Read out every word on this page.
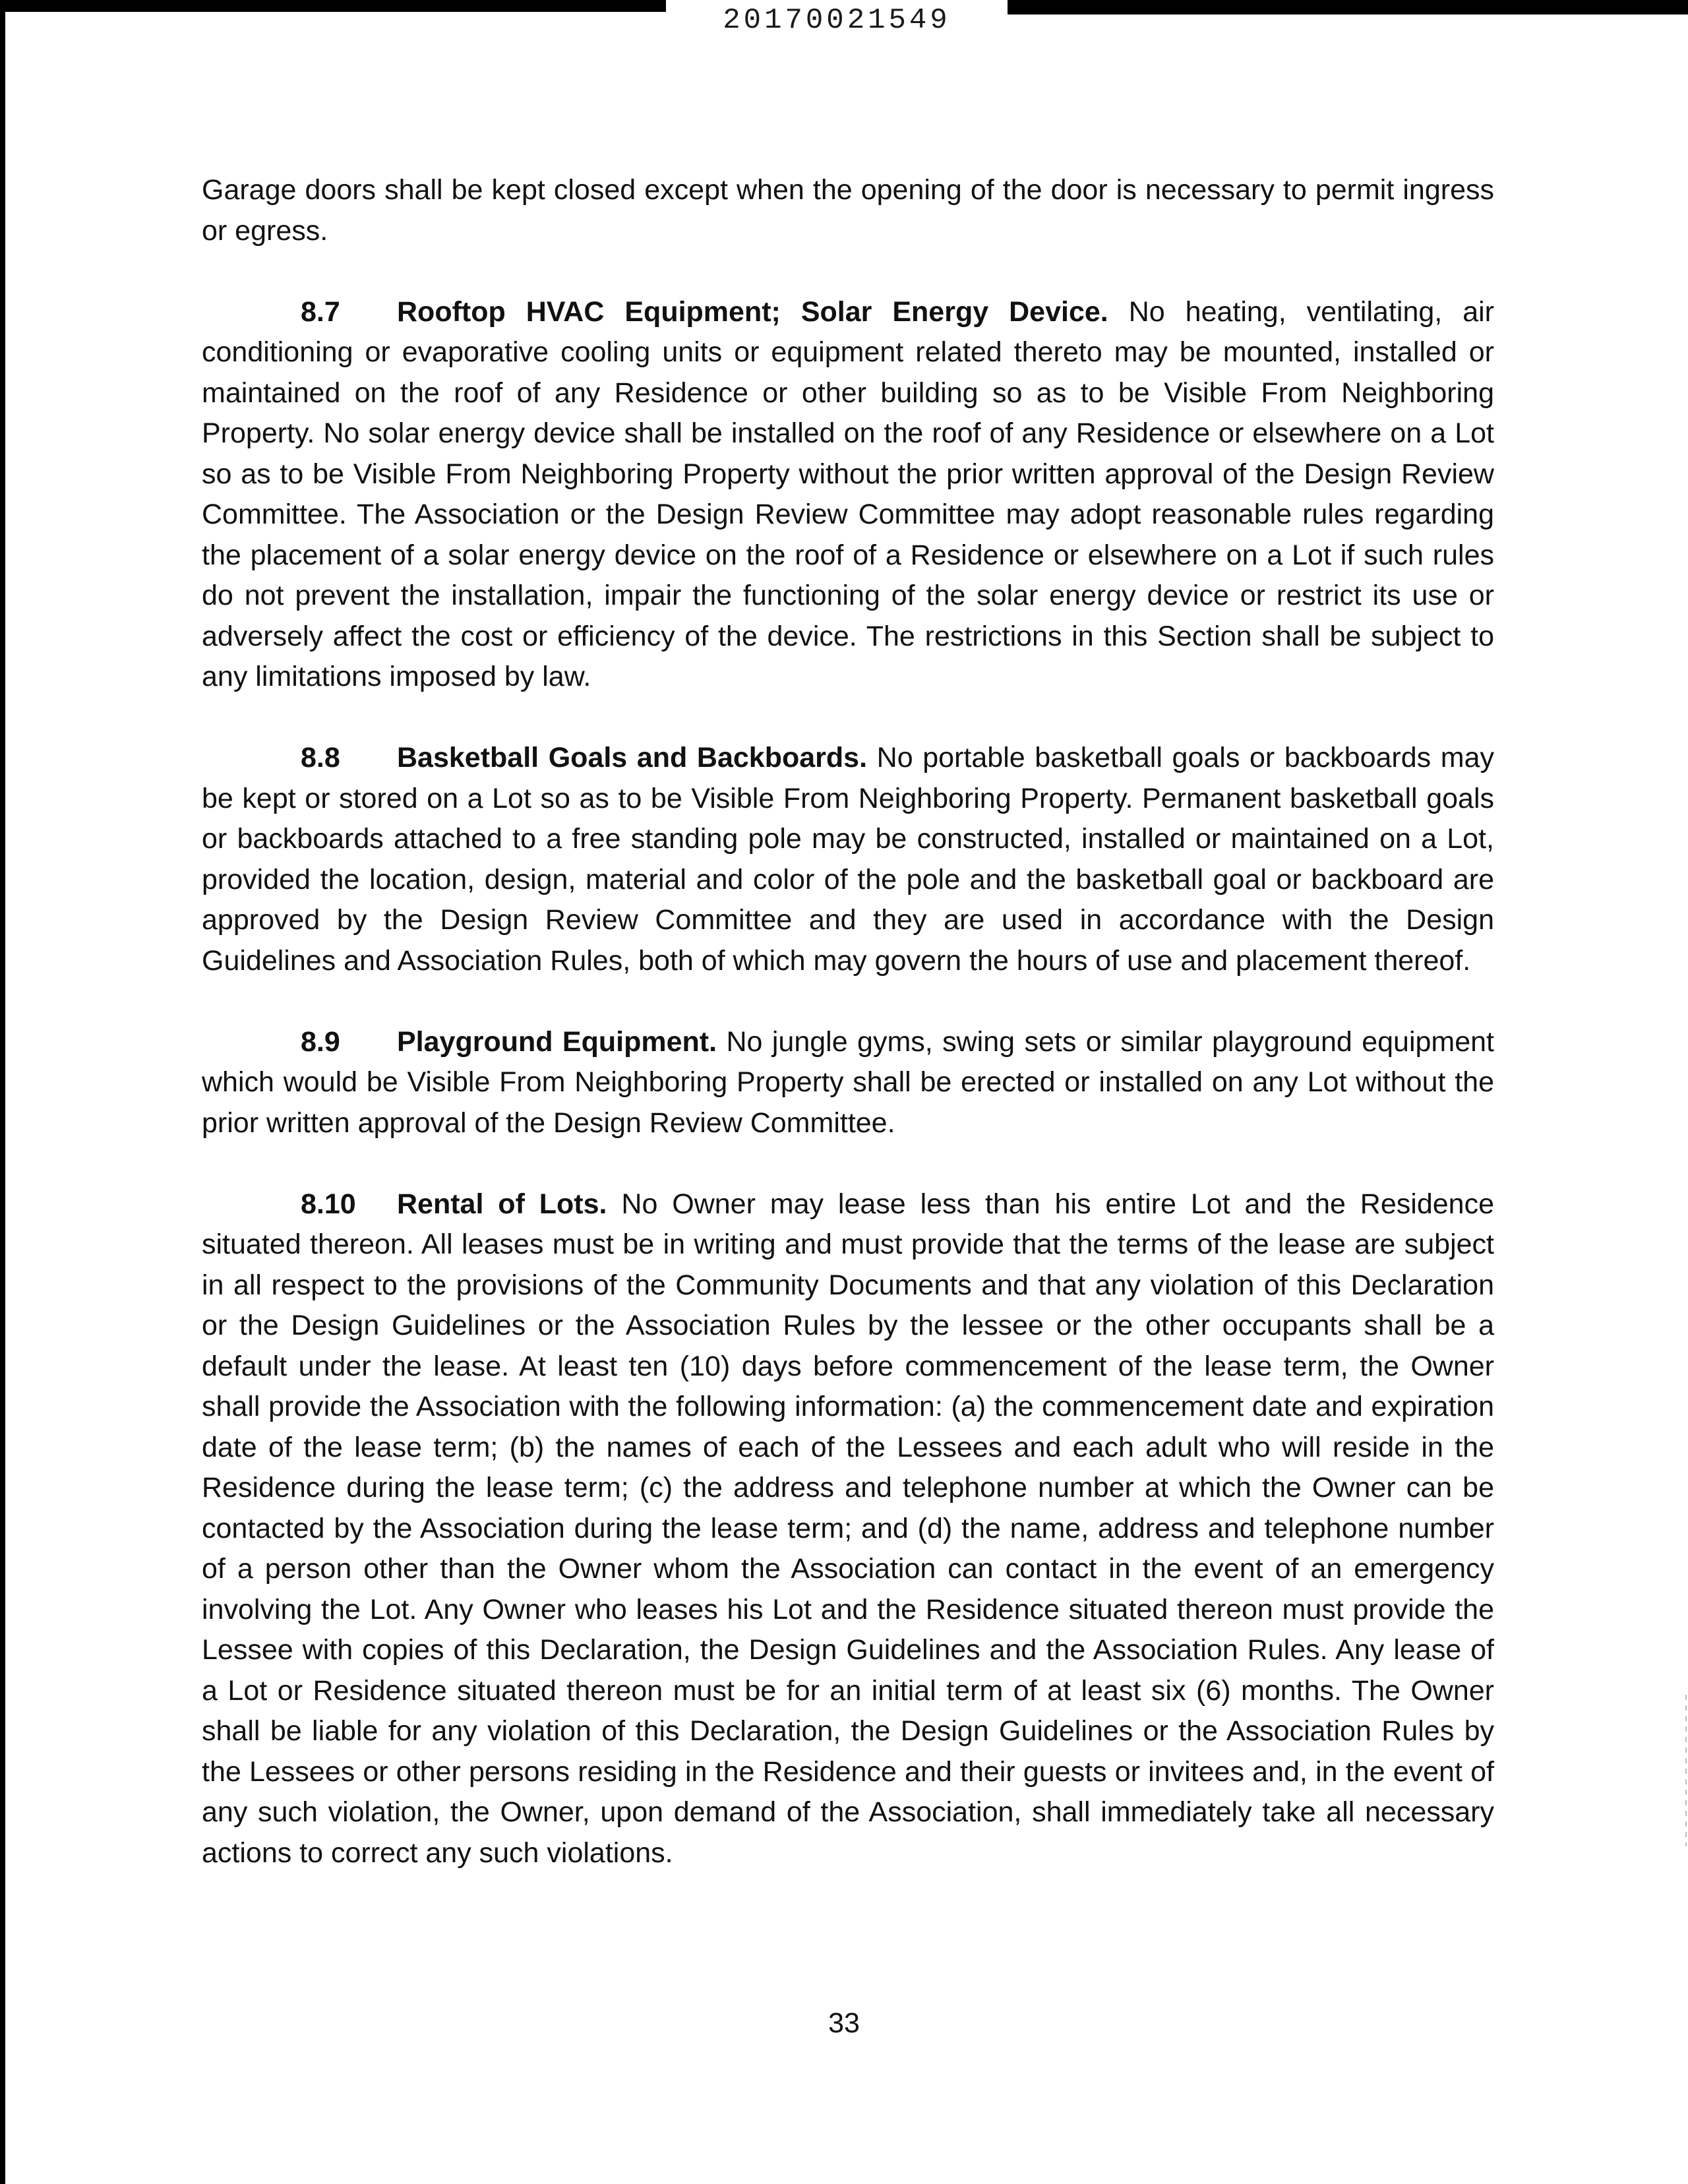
20170021549

Garage doors shall be kept closed except when the opening of the door is necessary to permit ingress or egress.

8.7 Rooftop HVAC Equipment; Solar Energy Device. No heating, ventilating, air conditioning or evaporative cooling units or equipment related thereto may be mounted, installed or maintained on the roof of any Residence or other building so as to be Visible From Neighboring Property. No solar energy device shall be installed on the roof of any Residence or elsewhere on a Lot so as to be Visible From Neighboring Property without the prior written approval of the Design Review Committee. The Association or the Design Review Committee may adopt reasonable rules regarding the placement of a solar energy device on the roof of a Residence or elsewhere on a Lot if such rules do not prevent the installation, impair the functioning of the solar energy device or restrict its use or adversely affect the cost or efficiency of the device. The restrictions in this Section shall be subject to any limitations imposed by law.

8.8 Basketball Goals and Backboards. No portable basketball goals or backboards may be kept or stored on a Lot so as to be Visible From Neighboring Property. Permanent basketball goals or backboards attached to a free standing pole may be constructed, installed or maintained on a Lot, provided the location, design, material and color of the pole and the basketball goal or backboard are approved by the Design Review Committee and they are used in accordance with the Design Guidelines and Association Rules, both of which may govern the hours of use and placement thereof.

8.9 Playground Equipment. No jungle gyms, swing sets or similar playground equipment which would be Visible From Neighboring Property shall be erected or installed on any Lot without the prior written approval of the Design Review Committee.

8.10 Rental of Lots. No Owner may lease less than his entire Lot and the Residence situated thereon. All leases must be in writing and must provide that the terms of the lease are subject in all respect to the provisions of the Community Documents and that any violation of this Declaration or the Design Guidelines or the Association Rules by the lessee or the other occupants shall be a default under the lease. At least ten (10) days before commencement of the lease term, the Owner shall provide the Association with the following information: (a) the commencement date and expiration date of the lease term; (b) the names of each of the Lessees and each adult who will reside in the Residence during the lease term; (c) the address and telephone number at which the Owner can be contacted by the Association during the lease term; and (d) the name, address and telephone number of a person other than the Owner whom the Association can contact in the event of an emergency involving the Lot. Any Owner who leases his Lot and the Residence situated thereon must provide the Lessee with copies of this Declaration, the Design Guidelines and the Association Rules. Any lease of a Lot or Residence situated thereon must be for an initial term of at least six (6) months. The Owner shall be liable for any violation of this Declaration, the Design Guidelines or the Association Rules by the Lessees or other persons residing in the Residence and their guests or invitees and, in the event of any such violation, the Owner, upon demand of the Association, shall immediately take all necessary actions to correct any such violations.

33
